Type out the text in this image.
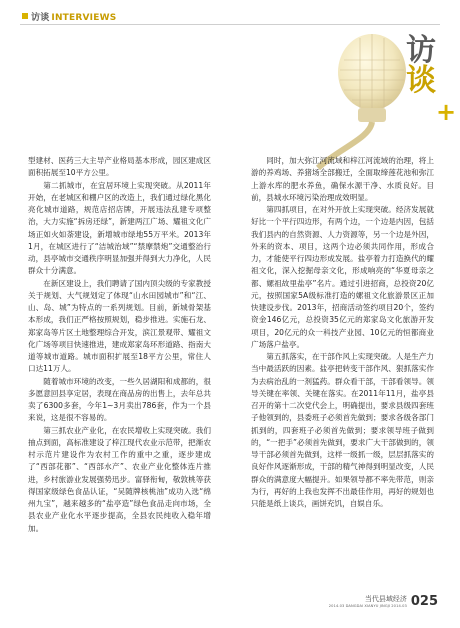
访谈 INTERVIEWS
访
谈
+

型建材、医药三大主导产业格局基本形成，园区建成区面积拓展至10平方公里。

第二抓城市，在宜居环境上实现突破。从2011年开始，在老城区和棚户区的改造上，我们通过绿化黑化亮化城市道路，规范店招店牌，开展违法乱建专项整治，大力实施“拆房还绿”，新建两江广场、耀祖文化广场正如火如荼建设，新增城市绿地55万平米。2013年1月，在城区进行了“洁城治域”“禁摩禁炮”交通整治行动，县亭城市交通秩序明显加强并得到大力净化，人民群众十分满意。

在新区建设上，我们聘请了国内顶尖级的专家教授关于规划、大气规划定了体现“山水田园城市”和“江、山、岛、城”为特点的一系列规划。目前，新城骨架基本形成，我们正严格按照规划，稳步推进。实施石龙、郑家岛等片区土地整理综合开发，滨江景观带、耀祖文化广场等项目快速推进，建成郑家岛环形道路、指南大道等城市道路。城市面积扩展至18平方公里，常住人口达11万人。

随着城市环境的改变，一些久居湖阳和成都的，很多愿意回县享定居，表现在商品房的出售上，去年总共卖了6300多套，今年1~3月卖出786套，作为一个县来说，这是很不容易的。

第三抓农业产业化，在农民增收上实现突破。我们抽点到面，高标准建设了梓江现代农业示范带，把渐农村示范片建设作为农村工作的重中之重，逐步建成了“西部花都”、“西部水产”、农业产业化整体连片推进，乡村旅游业发展强势迅步。富驿衔甸，敬敦桃等获得国家级绿色食品认证，“吴随牌核桃油”成功入选“绵州九宝”，越来越多的“盐亭造”绿色食品走向市场，全县农业产业化水平逐步提高，全县农民纯收入稳年增加。

同时，加大弥江河流域和梓江河流域的治理，将上游的养鸡场、养猪场全部搬迁，全面取缔莲花池和弥江上游水库的肥水养鱼，确保水源干净、水质良好。目前，县城水环境污染治理成效明显。

第四抓项目，在对外开放上实现突破。经济发展就好比一个平行四边形，有两个边，一个边是内因，包括我们县内的自然资源、人力资源等，另一个边是外因，外来的资本、项目，这两个边必须共同作用，形成合力，才能使平行四边形成发展。盐亭着力打造换代的耀祖文化，深入挖掘母亲文化，形成响亮的“华夏母亲之都、嫘祖故里盐亭”名片。通过引进招商，总投资20亿元，按照国家5A级标准打造的嫘祖文化旅游景区正加快建设步伐。2013年，招商活动签约项目20个，签约资金146亿元，总投资35亿元的郑家岛文化旅游开发项目，20亿元的众一科技产业园、10亿元的恒都商业广场落户盐亭。

第五抓落实，在干部作风上实现突破。人是生产力当中最活跃的因素。盐亭把转变干部作风、狠抓落实作为去病治乱的一剂猛药。群众看干部，干部看领导。领导关键在率领、关键在落实。在2011年11月，盐亭县召开的第十二次党代会上，明确提出，要求县级四套班子他领到的，县委班子必须首先做到；要求各级各部门抓到的，四套班子必须首先做到；要求领导班子做到的，“一把手”必须首先做到，要求广大干部做到的，领导干部必须首先做到，这样一级抓一级，层层抓落实的良好作风逐渐形成，干部的精气神得到明显改变，人民群众的满意度大幅提升。如果领导都不率先带范，则亲为行，再好的上我也发挥不出最佳作用，再好的规划也只能是纸上谈兵，画饼充饥，自娱自乐。

当代县域经济
2014.03 DANGDAI XIANYU JINGJI 2014.03 025
